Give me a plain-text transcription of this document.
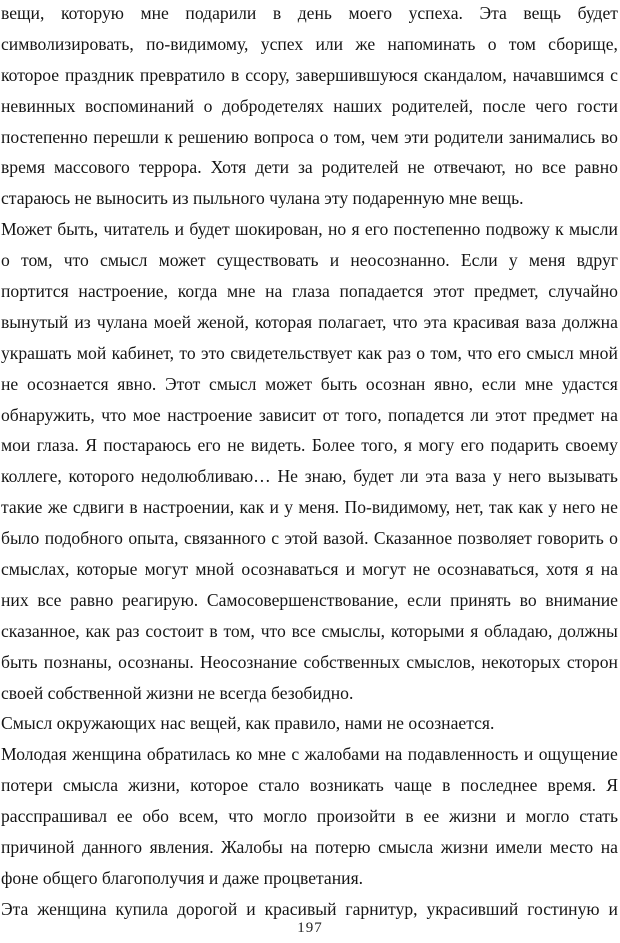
вещи, которую мне подарили в день моего успеха. Эта вещь будет
символизировать, по-видимому, успех или же напоминать о том сборище,
которое праздник превратило в ссору, завершившуюся скандалом, начавшимся с
невинных воспоминаний о добродетелях наших родителей, после чего гости
постепенно перешли к решению вопроса о том, чем эти родители занимались во
время массового террора. Хотя дети за родителей не отвечают, но все равно
стараюсь не выносить из пыльного чулана эту подаренную мне вещь.
Может быть, читатель и будет шокирован, но я его постепенно подвожу к мысли
о том, что смысл может существовать и неосознанно. Если у меня вдруг
портится настроение, когда мне на глаза попадается этот предмет, случайно
вынутый из чулана моей женой, которая полагает, что эта красивая ваза должна
украшать мой кабинет, то это свидетельствует как раз о том, что его смысл мной
не осознается явно. Этот смысл может быть осознан явно, если мне удастся
обнаружить, что мое настроение зависит от того, попадется ли этот предмет на
мои глаза. Я постараюсь его не видеть. Более того, я могу его подарить своему
коллеге, которого недолюбливаю… Не знаю, будет ли эта ваза у него вызывать
такие же сдвиги в настроении, как и у меня. По-видимому, нет, так как у него не
было подобного опыта, связанного с этой вазой. Сказанное позволяет говорить о
смыслах, которые могут мной осознаваться и могут не осознаваться, хотя я на
них все равно реагирую. Самосовершенствование, если принять во внимание
сказанное, как раз состоит в том, что все смыслы, которыми я обладаю, должны
быть познаны, осознаны. Неосознание собственных смыслов, некоторых сторон
своей собственной жизни не всегда безобидно.
Смысл окружающих нас вещей, как правило, нами не осознается.
Молодая женщина обратилась ко мне с жалобами на подавленность и ощущение
потери смысла жизни, которое стало возникать чаще в последнее время. Я
расспрашивал ее обо всем, что могло произойти в ее жизни и могло стать
причиной данного явления. Жалобы на потерю смысла жизни имели место на
фоне общего благополучия и даже процветания.
Эта женщина купила дорогой и красивый гарнитур, украсивший гостиную и
197
